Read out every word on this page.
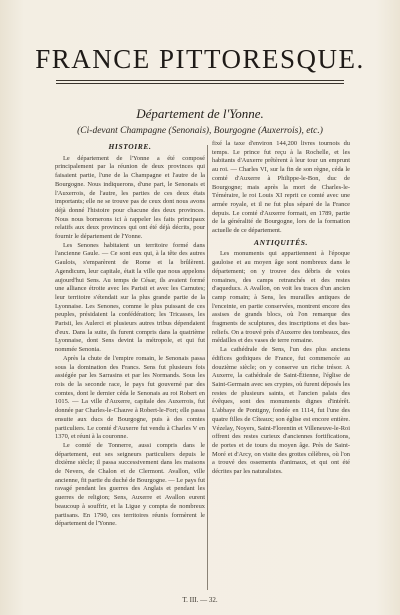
FRANCE PITTORESQUE.
Département de l'Yonne.
(Ci-devant Champagne (Senonais), Bourgogne (Auxerrois), etc.)
HISTOIRE.

Le département de l'Yonne a été composé principalement par la réunion de deux provinces qui faisaient partie, l'une de la Champagne et l'autre de la Bourgogne. Nous indiquerons, d'une part, le Senonais et l'Auxerrois, de l'autre, les parties de ces deux états importants; elle ne se trouve pas de ceux dont nous avons déjà donné l'histoire pour chacune des deux provinces. Nous nous bornerons ici à rappeler les faits principaux relatifs aux deux provinces qui ont été déjà décrits, pour fournir le département de l'Yonne.

Les Senones habitaient un territoire formé dans l'ancienne Gaule. — Ce sont eux qui, à la tête des autres Gaulois, s'emparèrent de Rome et la brûlèrent. Agendicum, leur capitale, était la ville que nous appelons aujourd'hui Sens. Au temps de César, ils avaient formé une alliance étroite avec les Parisii et avec les Carnutes; leur territoire s'étendait sur la plus grande partie de la Lyonnaise. Les Senones, comme le plus puissant de ces peuples, présidaient la confédération; les Tricasses, les Parisii, les Aulerci et plusieurs autres tribus dépendaient d'eux. Dans la suite, ils furent compris dans la quatrième Lyonnaise, dont Sens devint la métropole, et qui fut nommée Senonia.

Après la chute de l'empire romain, le Senonais passa sous la domination des Francs. Sens fut plusieurs fois assiégée par les Sarrasins et par les Normands. Sous les rois de la seconde race, le pays fut gouverné par des comtes, dont le dernier céda le Senonais au roi Robert en 1015. — La ville d'Auxerre, capitale des Auxerrois, fut donnée par Charles-le-Chauve à Robert-le-Fort; elle passa ensuite aux ducs de Bourgogne, puis à des comtes particuliers. Le comté d'Auxerre fut vendu à Charles V en 1370, et réuni à la couronne.

Le comté de Tonnerre, aussi compris dans le département, eut ses seigneurs particuliers depuis le dixième siècle; il passa successivement dans les maisons de Nevers, de Chalon et de Clermont. Avallon, ville ancienne, fit partie du duché de Bourgogne. — Le pays fut ravagé pendant les guerres des Anglais et pendant les guerres de religion; Sens, Auxerre et Avallon eurent beaucoup à souffrir, et la Ligue y compta de nombreux partisans. En 1790, ces territoires réunis formèrent le département de l'Yonne.

fixé la taxe d'environ 144,200 livres tournois du temps. Le prince fut reçu à la Rochelle, et les habitants d'Auxerre prêtèrent à leur tour un emprunt au roi. — Charles VI, sur la fin de son règne, céda le comté d'Auxerre à Philippe-le-Bon, duc de Bourgogne; mais après la mort de Charles-le-Téméraire, le roi Louis XI reprit ce comté avec une armée royale, et il ne fut plus séparé de la France depuis. Le comté d'Auxerre formait, en 1789, partie de la généralité de Bourgogne, lors de la formation actuelle de ce département.

ANTIQUITÉS.

Les monuments qui appartiennent à l'époque gauloise et au moyen âge sont nombreux dans le département; on y trouve des débris de voies romaines, des camps retranchés et des restes d'aqueducs. A Avallon, on voit les traces d'un ancien camp romain; à Sens, les murailles antiques de l'enceinte, en partie conservées, montrent encore des assises de grands blocs, où l'on remarque des fragments de sculptures, des inscriptions et des bas-reliefs. On a trouvé près d'Auxerre des tombeaux, des médailles et des vases de terre romaine.

La cathédrale de Sens, l'un des plus anciens édifices gothiques de France, fut commencée au douzième siècle; on y conserve un riche trésor. A Auxerre, la cathédrale de Saint-Étienne, l'église de Saint-Germain avec ses cryptes, où furent déposés les restes de plusieurs saints, et l'ancien palais des évêques, sont des monuments dignes d'intérêt. L'abbaye de Pontigny, fondée en 1114, fut l'une des quatre filles de Cîteaux; son église est encore entière. Vézelay, Noyers, Saint-Florentin et Villeneuve-le-Roi offrent des restes curieux d'anciennes fortifications, de portes et de tours du moyen âge. Près de Saint-Moré et d'Arcy, on visite des grottes célèbres, où l'on a trouvé des ossements d'animaux, et qui ont été décrites par les naturalistes.

T. III. — 32.
